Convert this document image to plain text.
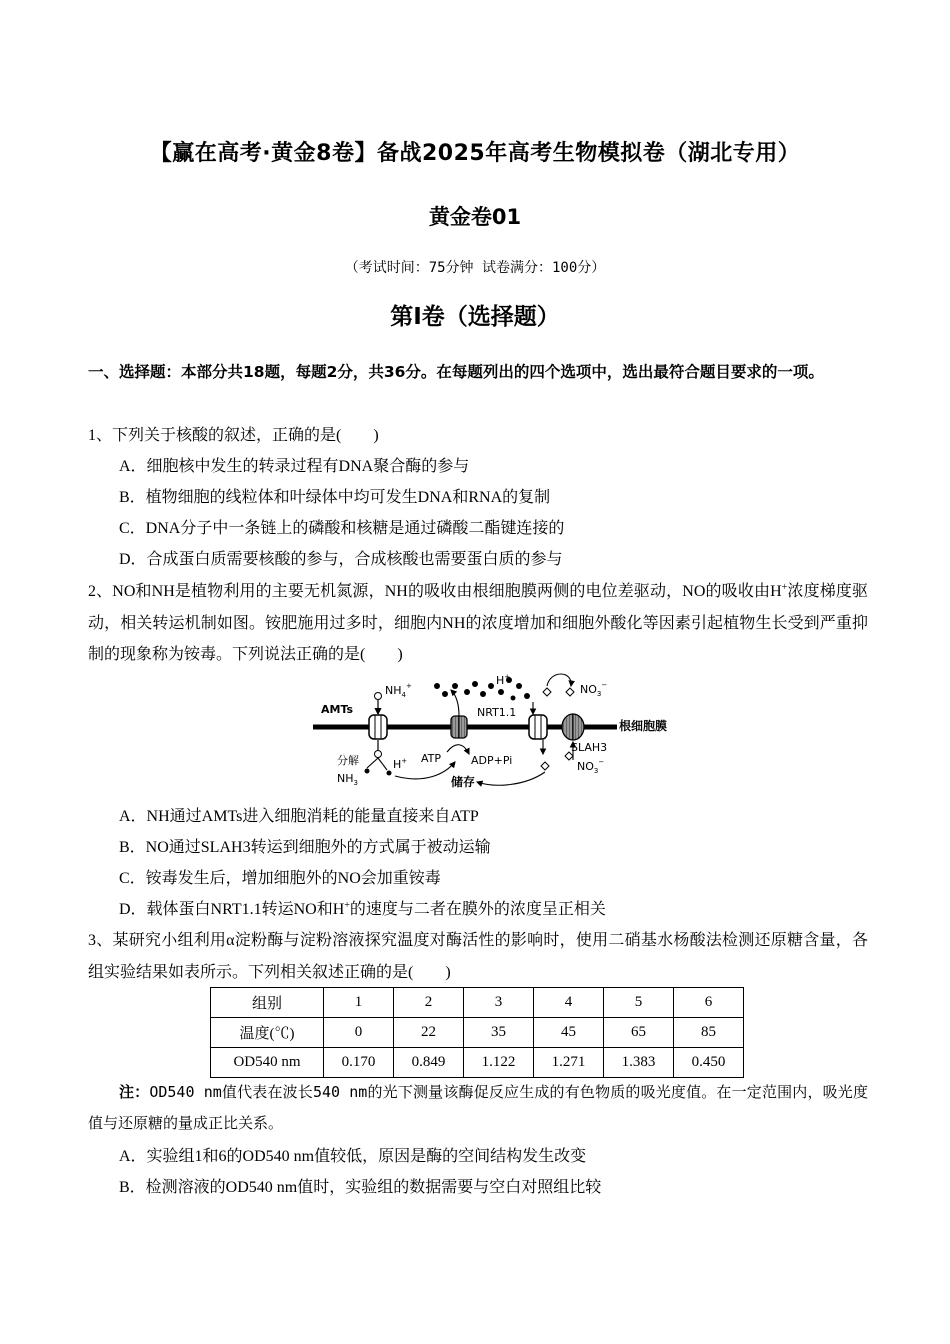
【赢在高考·黄金8卷】备战2025年高考生物模拟卷（湖北专用）
黄金卷01
（考试时间：75分钟 试卷满分：100分）
第I卷（选择题）
一、选择题：本部分共18题，每题2分，共36分。在每题列出的四个选项中，选出最符合题目要求的一项。
1、下列关于核酸的叙述，正确的是(　　)
A．细胞核中发生的转录过程有DNA聚合酶的参与
B．植物细胞的线粒体和叶绿体中均可发生DNA和RNA的复制
C．DNA分子中一条链上的磷酸和核糖是通过磷酸二酯键连接的
D．合成蛋白质需要核酸的参与，合成核酸也需要蛋白质的参与
2、NO和NH是植物利用的主要无机氮源，NH的吸收由根细胞膜两侧的电位差驱动，NO的吸收由H+浓度梯度驱动，相关转运机制如图。铵肥施用过多时，细胞内NH的浓度增加和细胞外酸化等因素引起植物生长受到严重抑制的现象称为铵毒。下列说法正确的是(　　)
AMTs
$NH_4^+$	H+
NRT1.1
$NO_3^-$
根细胞膜
SLAH3
$NO_3^-$
分解
$NH_3$
H+ ATP	ADP+Pi
储存
A．NH通过AMTs进入细胞消耗的能量直接来自ATP
B．NO通过SLAH3转运到细胞外的方式属于被动运输
C．铵毒发生后，增加细胞外的NO会加重铵毒
D．载体蛋白NRT1.1转运NO和H+的速度与二者在膜外的浓度呈正相关
3、某研究小组利用α淀粉酶与淀粉溶液探究温度对酶活性的影响时，使用二硝基水杨酸法检测还原糖含量，各组实验结果如表所示。下列相关叙述正确的是(　　)
组别	1	2	3	4	5	6
温度(℃)	0	22	35	45	65	85
OD540 nm	0.170	0.849	1.122	1.271	1.383	0.450
注：OD540 nm值代表在波长540 nm的光下测量该酶促反应生成的有色物质的吸光度值。在一定范围内，吸光度值与还原糖的量成正比关系。
A．实验组1和6的OD540 nm值较低，原因是酶的空间结构发生改变
B．检测溶液的OD540 nm值时，实验组的数据需要与空白对照组比较
